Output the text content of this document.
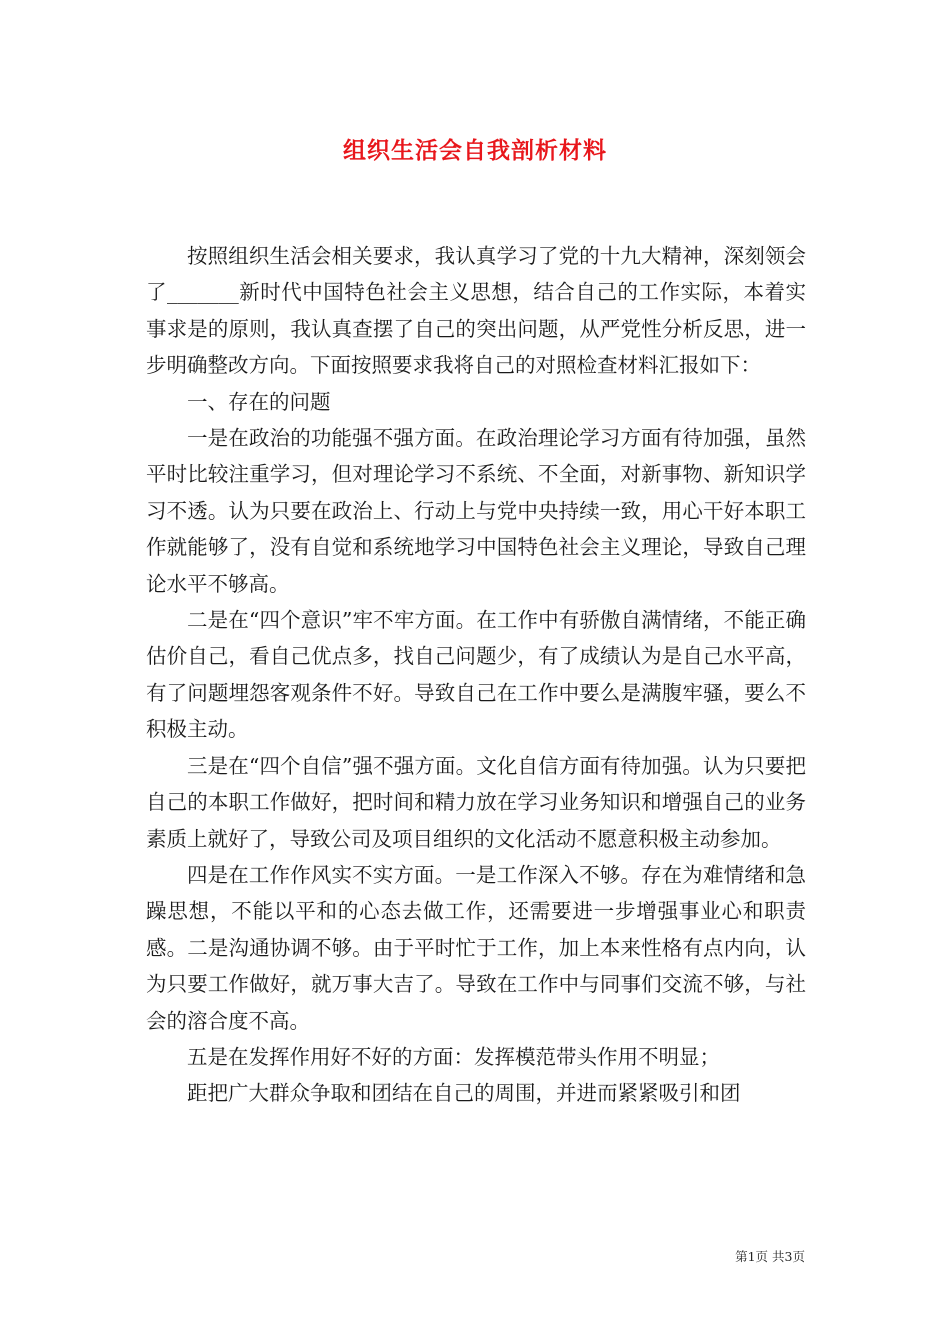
组织生活会自我剖析材料

按照组织生活会相关要求，我认真学习了党的十九大精神，深刻领会了_______新时代中国特色社会主义思想，结合自己的工作实际，本着实事求是的原则，我认真查摆了自己的突出问题，从严党性分析反思，进一步明确整改方向。下面按照要求我将自己的对照检查材料汇报如下：

一、存在的问题

一是在政治的功能强不强方面。在政治理论学习方面有待加强，虽然平时比较注重学习，但对理论学习不系统、不全面，对新事物、新知识学习不透。认为只要在政治上、行动上与党中央持续一致，用心干好本职工作就能够了，没有自觉和系统地学习中国特色社会主义理论，导致自己理论水平不够高。

二是在“四个意识”牢不牢方面。在工作中有骄傲自满情绪，不能正确估价自己，看自己优点多，找自己问题少，有了成绩认为是自己水平高，有了问题埋怨客观条件不好。导致自己在工作中要么是满腹牢骚，要么不积极主动。

三是在“四个自信”强不强方面。文化自信方面有待加强。认为只要把自己的本职工作做好，把时间和精力放在学习业务知识和增强自己的业务素质上就好了，导致公司及项目组织的文化活动不愿意积极主动参加。

四是在工作作风实不实方面。一是工作深入不够。存在为难情绪和急躁思想，不能以平和的心态去做工作，还需要进一步增强事业心和职责感。二是沟通协调不够。由于平时忙于工作，加上本来性格有点内向，认为只要工作做好，就万事大吉了。导致在工作中与同事们交流不够，与社会的溶合度不高。

五是在发挥作用好不好的方面：发挥模范带头作用不明显；

距把广大群众争取和团结在自己的周围，并进而紧紧吸引和团

第1页 共3页
